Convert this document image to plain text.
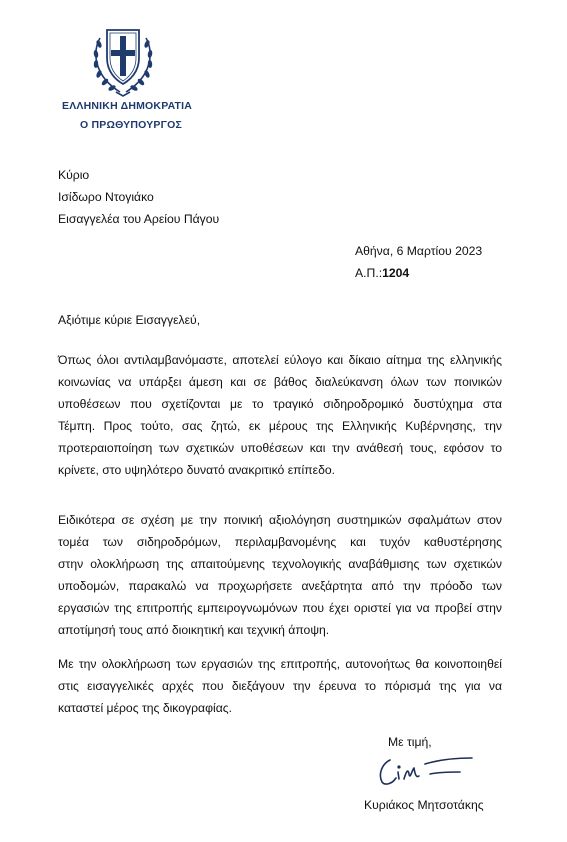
ΕΛΛΗΝΙΚΗ ΔΗΜΟΚΡΑΤΙΑ
Ο ΠΡΩΘΥΠΟΥΡΓΟΣ
Κύριο
Ισίδωρο Ντογιάκο
Εισαγγελέα του Αρείου Πάγου
Αθήνα, 6 Μαρτίου 2023
Α.Π.:1204
Αξιότιμε κύριε Εισαγγελεύ,
Όπως όλοι αντιλαμβανόμαστε, αποτελεί εύλογο και δίκαιο αίτημα της ελληνικής
κοινωνίας να υπάρξει άμεση και σε βάθος διαλεύκανση όλων των ποινικών
υποθέσεων που σχετίζονται με το τραγικό σιδηροδρομικό δυστύχημα στα
Τέμπη. Προς τούτο, σας ζητώ, εκ μέρους της Ελληνικής Κυβέρνησης, την
προτεραιοποίηση των σχετικών υποθέσεων και την ανάθεσή τους, εφόσον το
κρίνετε, στο υψηλότερο δυνατό ανακριτικό επίπεδο.
Ειδικότερα σε σχέση με την ποινική αξιολόγηση συστημικών σφαλμάτων στον
τομέα των σιδηροδρόμων, περιλαμβανομένης και τυχόν καθυστέρησης
στην ολοκλήρωση της απαιτούμενης τεχνολογικής αναβάθμισης των σχετικών
υποδομών, παρακαλώ να προχωρήσετε ανεξάρτητα από την πρόοδο των
εργασιών της επιτροπής εμπειρογνωμόνων που έχει οριστεί για να προβεί στην
αποτίμησή τους από διοικητική και τεχνική άποψη.
Με την ολοκλήρωση των εργασιών της επιτροπής, αυτονοήτως θα κοινοποιηθεί
στις εισαγγελικές αρχές που διεξάγουν την έρευνα το πόρισμά της για να
καταστεί μέρος της δικογραφίας.
Με τιμή,
Κυριάκος Μητσοτάκης
